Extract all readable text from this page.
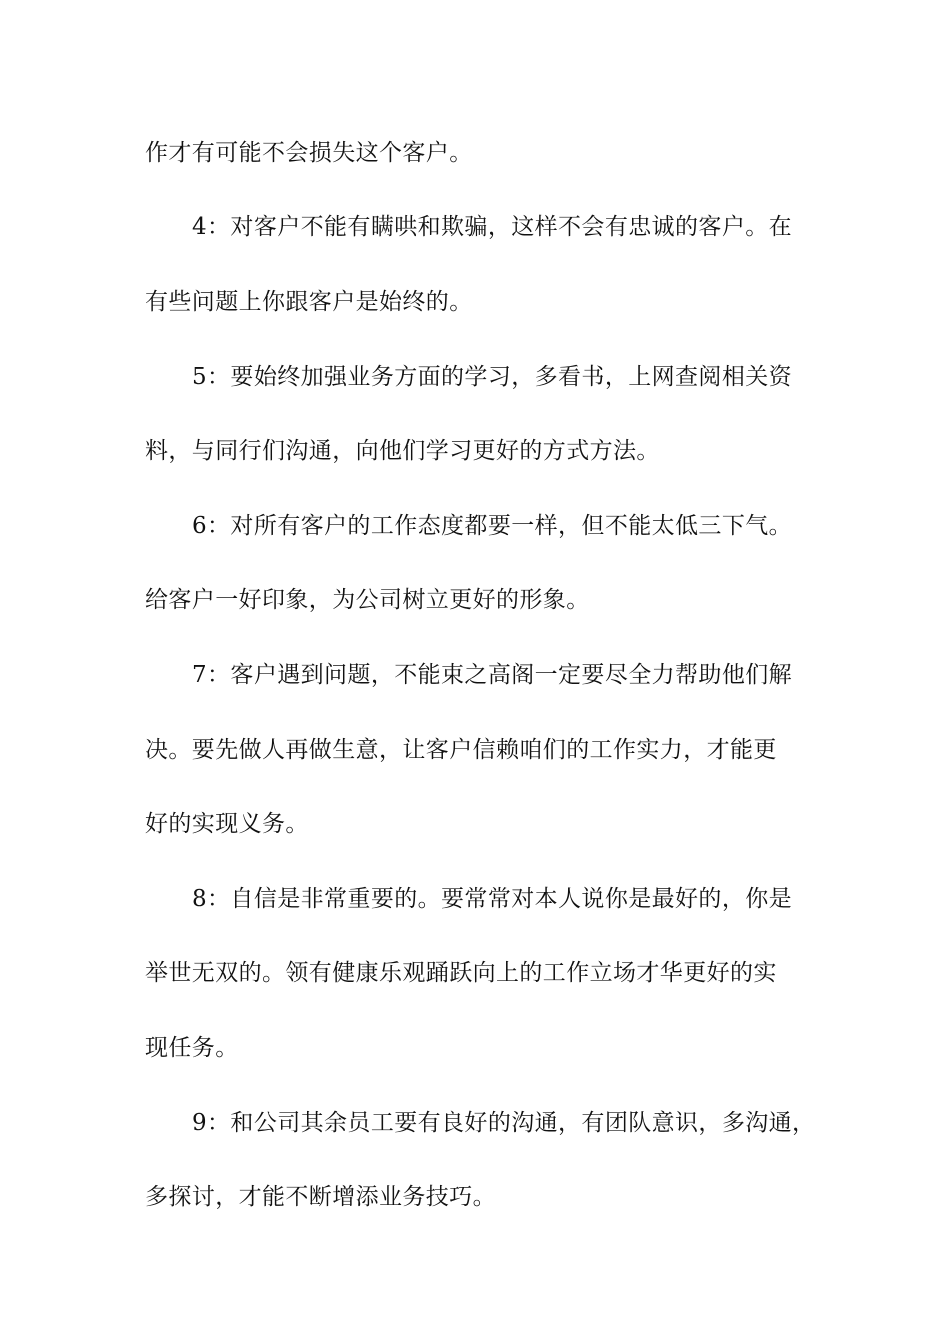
作才有可能不会损失这个客户。

4：对客户不能有瞒哄和欺骗，这样不会有忠诚的客户。在

有些问题上你跟客户是始终的。

5：要始终加强业务方面的学习，多看书，上网查阅相关资

料，与同行们沟通，向他们学习更好的方式方法。

6：对所有客户的工作态度都要一样，但不能太低三下气。

给客户一好印象，为公司树立更好的形象。

7：客户遇到问题，不能束之高阁一定要尽全力帮助他们解

决。要先做人再做生意，让客户信赖咱们的工作实力，才能更

好的实现义务。

8：自信是非常重要的。要常常对本人说你是最好的，你是

举世无双的。领有健康乐观踊跃向上的工作立场才华更好的实

现任务。

9：和公司其余员工要有良好的沟通，有团队意识，多沟通，

多探讨，才能不断增添业务技巧。
